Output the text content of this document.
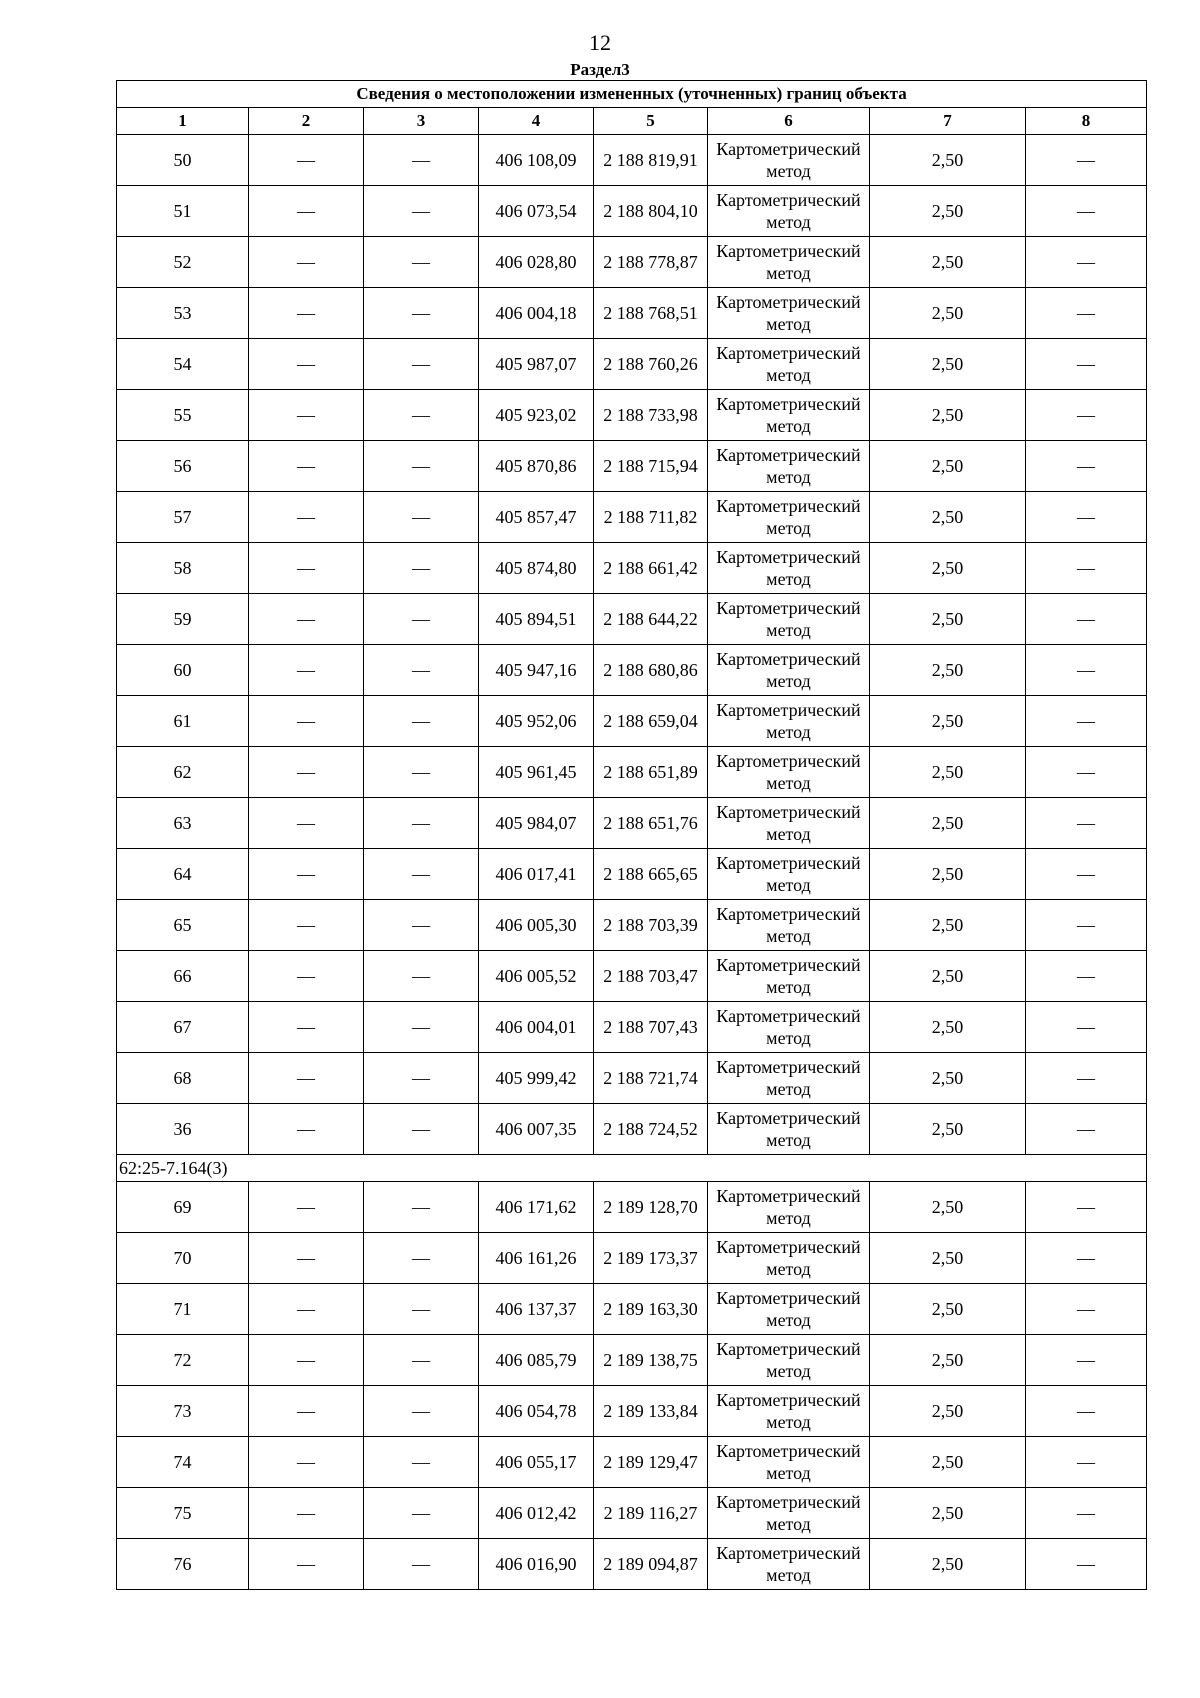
12
Раздел3
Сведения о местоположении измененных (уточненных) границ объекта							
1	2	3	4	5	6	7	8
50	—	—	406 108,09	2 188 819,91	Картометрический метод	2,50	—
51	—	—	406 073,54	2 188 804,10	Картометрический метод	2,50	—
52	—	—	406 028,80	2 188 778,87	Картометрический метод	2,50	—
53	—	—	406 004,18	2 188 768,51	Картометрический метод	2,50	—
54	—	—	405 987,07	2 188 760,26	Картометрический метод	2,50	—
55	—	—	405 923,02	2 188 733,98	Картометрический метод	2,50	—
56	—	—	405 870,86	2 188 715,94	Картометрический метод	2,50	—
57	—	—	405 857,47	2 188 711,82	Картометрический метод	2,50	—
58	—	—	405 874,80	2 188 661,42	Картометрический метод	2,50	—
59	—	—	405 894,51	2 188 644,22	Картометрический метод	2,50	—
60	—	—	405 947,16	2 188 680,86	Картометрический метод	2,50	—
61	—	—	405 952,06	2 188 659,04	Картометрический метод	2,50	—
62	—	—	405 961,45	2 188 651,89	Картометрический метод	2,50	—
63	—	—	405 984,07	2 188 651,76	Картометрический метод	2,50	—
64	—	—	406 017,41	2 188 665,65	Картометрический метод	2,50	—
65	—	—	406 005,30	2 188 703,39	Картометрический метод	2,50	—
66	—	—	406 005,52	2 188 703,47	Картометрический метод	2,50	—
67	—	—	406 004,01	2 188 707,43	Картометрический метод	2,50	—
68	—	—	405 999,42	2 188 721,74	Картометрический метод	2,50	—
36	—	—	406 007,35	2 188 724,52	Картометрический метод	2,50	—
62:25-7.164(3)							
69	—	—	406 171,62	2 189 128,70	Картометрический метод	2,50	—
70	—	—	406 161,26	2 189 173,37	Картометрический метод	2,50	—
71	—	—	406 137,37	2 189 163,30	Картометрический метод	2,50	—
72	—	—	406 085,79	2 189 138,75	Картометрический метод	2,50	—
73	—	—	406 054,78	2 189 133,84	Картометрический метод	2,50	—
74	—	—	406 055,17	2 189 129,47	Картометрический метод	2,50	—
75	—	—	406 012,42	2 189 116,27	Картометрический метод	2,50	—
76	—	—	406 016,90	2 189 094,87	Картометрический метод	2,50	—
